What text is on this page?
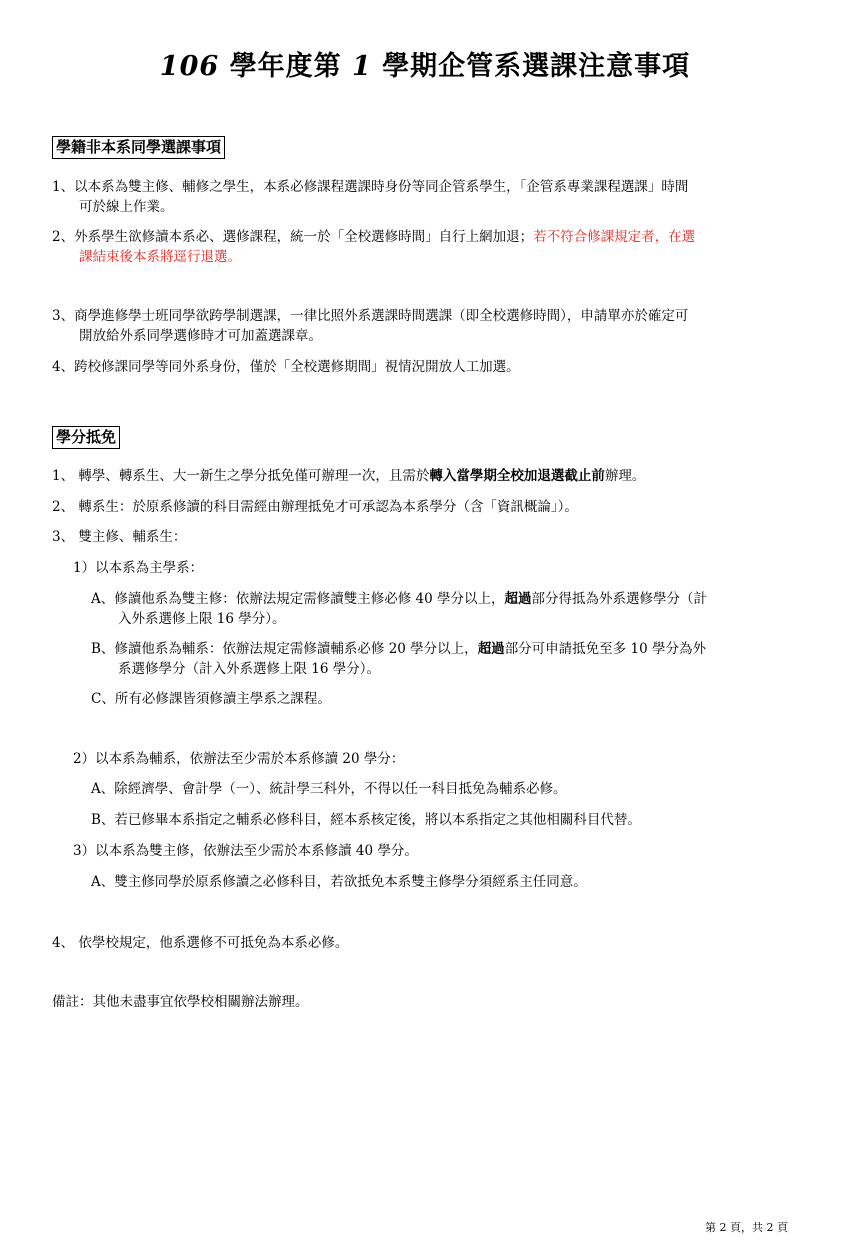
106 學年度第 1 學期企管系選課注意事項
學籍非本系同學選課事項
1、以本系為雙主修、輔修之學生，本系必修課程選課時身份等同企管系學生，「企管系專業課程選課」時間
可於線上作業。
2、外系學生欲修讀本系必、選修課程，統一於「全校選修時間」自行上網加退；若不符合修課規定者，在選
課結束後本系將逕行退選。
3、商學進修學士班同學欲跨學制選課，一律比照外系選課時間選課（即全校選修時間），申請單亦於確定可
開放給外系同學選修時才可加蓋選課章。
4、跨校修課同學等同外系身份，僅於「全校選修期間」視情況開放人工加選。
學分抵免
1、 轉學、轉系生、大一新生之學分抵免僅可辦理一次，且需於轉入當學期全校加退選截止前辦理。
2、 轉系生：於原系修讀的科目需經由辦理抵免才可承認為本系學分（含「資訊概論」）。
3、 雙主修、輔系生：
1）以本系為主學系：
A、修讀他系為雙主修：依辦法規定需修讀雙主修必修 40 學分以上，超過部分得抵為外系選修學分（計
入外系選修上限 16 學分）。
B、修讀他系為輔系：依辦法規定需修讀輔系必修 20 學分以上，超過部分可申請抵免至多 10 學分為外
系選修學分（計入外系選修上限 16 學分）。
C、所有必修課皆須修讀主學系之課程。
2）以本系為輔系，依辦法至少需於本系修讀 20 學分：
A、除經濟學、會計學（一）、統計學三科外，不得以任一科目抵免為輔系必修。
B、若已修畢本系指定之輔系必修科目，經本系核定後，將以本系指定之其他相關科目代替。
3）以本系為雙主修，依辦法至少需於本系修讀 40 學分。
A、雙主修同學於原系修讀之必修科目，若欲抵免本系雙主修學分須經系主任同意。
4、 依學校規定，他系選修不可抵免為本系必修。
備註：其他未盡事宜依學校相關辦法辦理。
第 2 頁，共 2 頁
